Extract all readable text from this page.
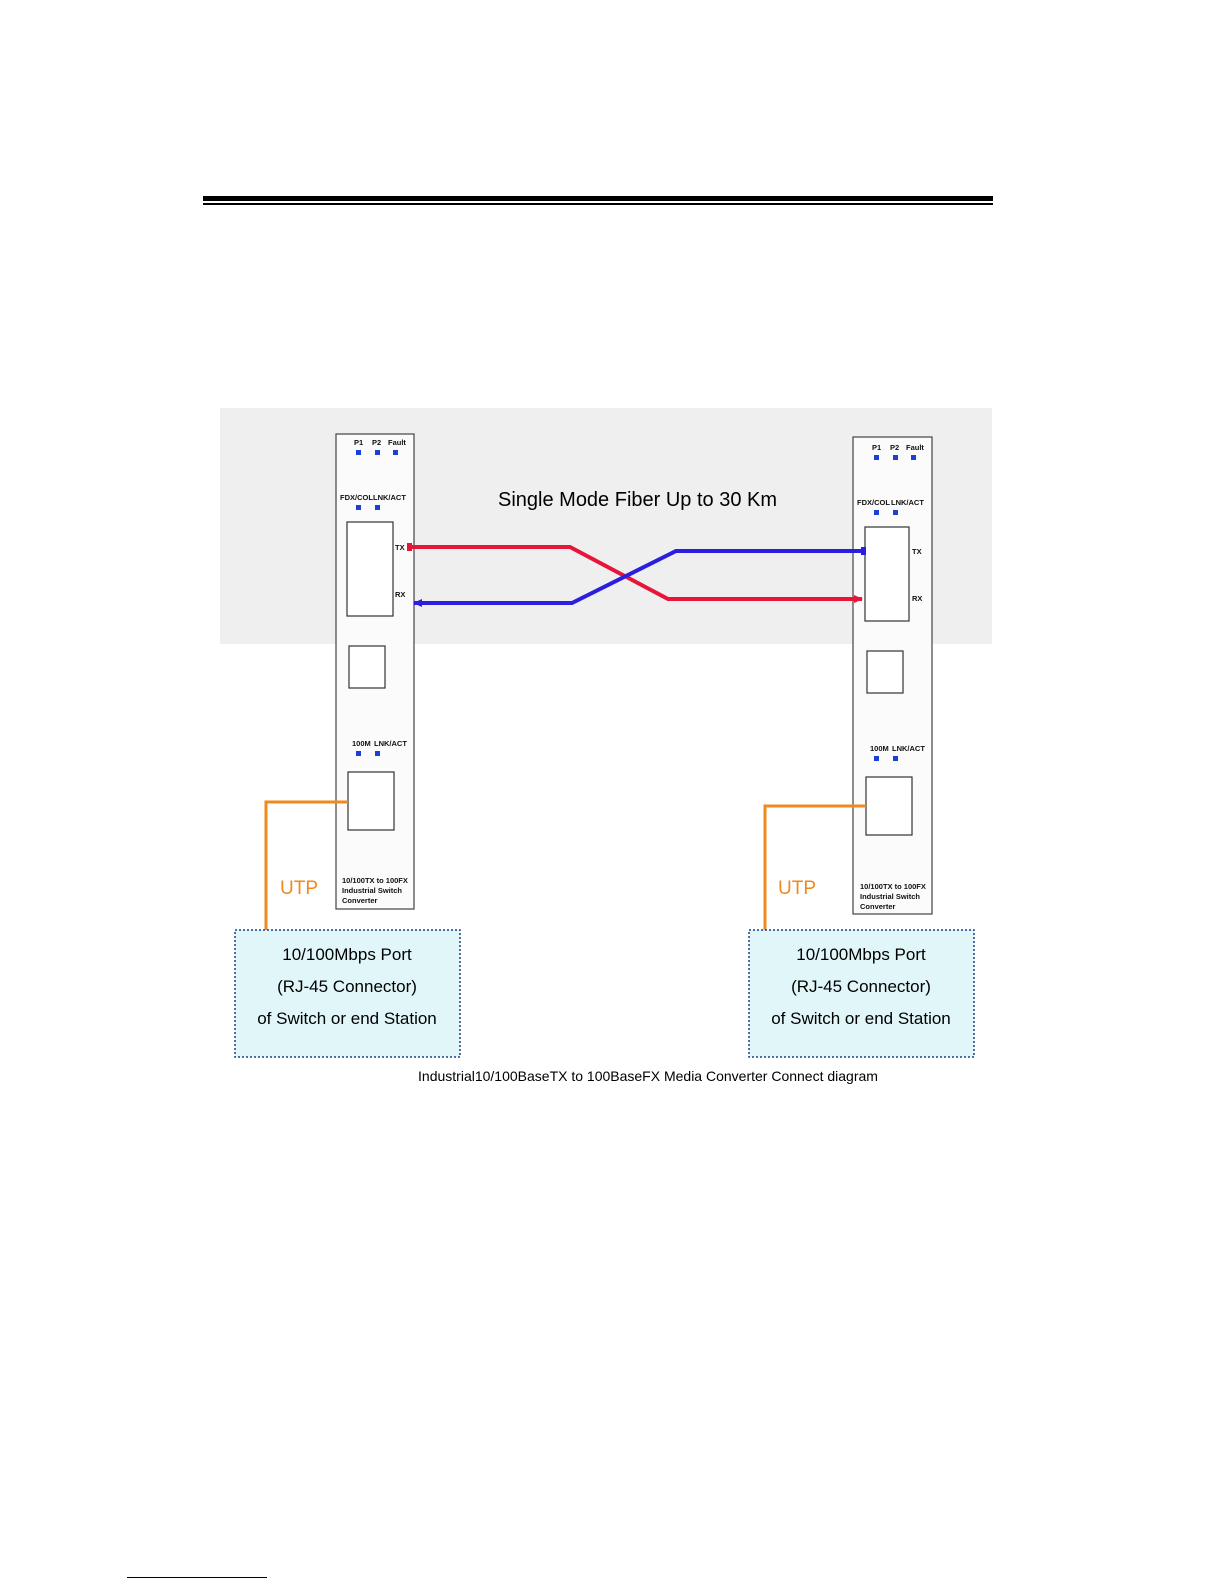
Single Mode Fiber Up to 30 Km
P1 P2 Fault
FDX/COL LNK/ACT
TX
RX
100M LNK/ACT
10/100TX to 100FX
Industrial Switch
Converter
P1 P2 Fault
FDX/COL LNK/ACT
TX
RX
100M LNK/ACT
10/100TX to 100FX
Industrial Switch
Converter
UTP	UTP
10/100Mbps Port
(RJ-45 Connector)
of Switch or end Station
10/100Mbps Port
(RJ-45 Connector)
of Switch or end Station
Industrial10/100BaseTX to 100BaseFX Media Converter Connect diagram
